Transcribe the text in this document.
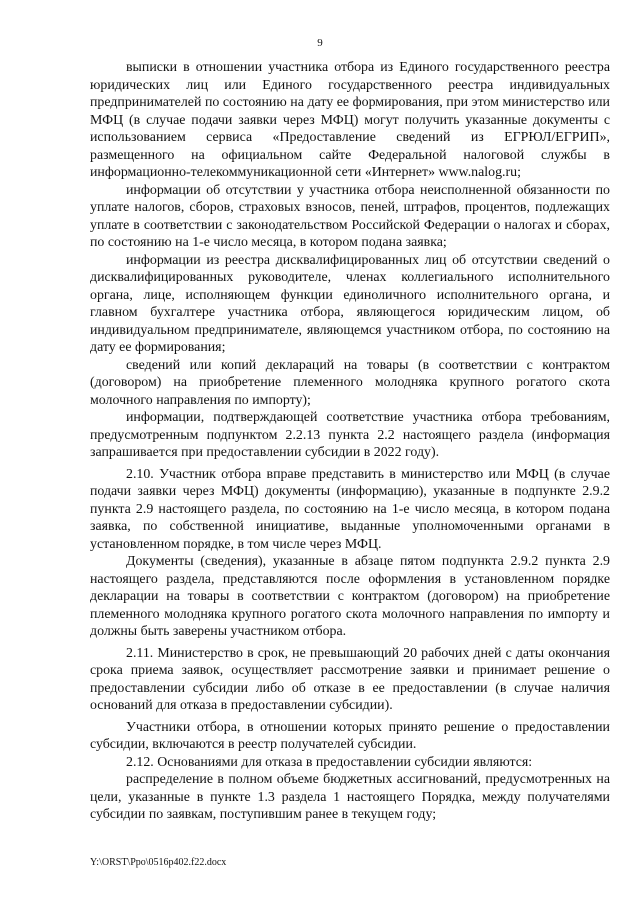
9

выписки в отношении участника отбора из Единого государственного реестра юридических лиц или Единого государственного реестра индивидуальных предпринимателей по состоянию на дату ее формирования, при этом министерство или МФЦ (в случае подачи заявки через МФЦ) могут получить указанные документы с использованием сервиса «Предоставление сведений из ЕГРЮЛ/ЕГРИП», размещенного на официальном сайте Федеральной налоговой службы в информационно-телекоммуникационной сети «Интернет» www.nalog.ru;

информации об отсутствии у участника отбора неисполненной обязанности по уплате налогов, сборов, страховых взносов, пеней, штрафов, процентов, подлежащих уплате в соответствии с законодательством Российской Федерации о налогах и сборах, по состоянию на 1-е число месяца, в котором подана заявка;

информации из реестра дисквалифицированных лиц об отсутствии сведений о дисквалифицированных руководителе, членах коллегиального исполнительного органа, лице, исполняющем функции единоличного исполнительного органа, и главном бухгалтере участника отбора, являющегося юридическим лицом, об индивидуальном предпринимателе, являющемся участником отбора, по состоянию на дату ее формирования;

сведений или копий деклараций на товары (в соответствии с контрактом (договором) на приобретение племенного молодняка крупного рогатого скота молочного направления по импорту);

информации, подтверждающей соответствие участника отбора требованиям, предусмотренным подпунктом 2.2.13 пункта 2.2 настоящего раздела (информация запрашивается при предоставлении субсидии в 2022 году).

2.10. Участник отбора вправе представить в министерство или МФЦ (в случае подачи заявки через МФЦ) документы (информацию), указанные в подпункте 2.9.2 пункта 2.9 настоящего раздела, по состоянию на 1-е число месяца, в котором подана заявка, по собственной инициативе, выданные уполномоченными органами в установленном порядке, в том числе через МФЦ.

Документы (сведения), указанные в абзаце пятом подпункта 2.9.2 пункта 2.9 настоящего раздела, представляются после оформления в установленном порядке декларации на товары в соответствии с контрактом (договором) на приобретение племенного молодняка крупного рогатого скота молочного направления по импорту и должны быть заверены участником отбора.

2.11. Министерство в срок, не превышающий 20 рабочих дней с даты окончания срока приема заявок, осуществляет рассмотрение заявки и принимает решение о предоставлении субсидии либо об отказе в ее предоставлении (в случае наличия оснований для отказа в предоставлении субсидии).

Участники отбора, в отношении которых принято решение о предоставлении субсидии, включаются в реестр получателей субсидии.

2.12. Основаниями для отказа в предоставлении субсидии являются:

распределение в полном объеме бюджетных ассигнований, предусмотренных на цели, указанные в пункте 1.3 раздела 1 настоящего Порядка, между получателями субсидии по заявкам, поступившим ранее в текущем году;

Y:\ORST\Ppo\0516p402.f22.docx
